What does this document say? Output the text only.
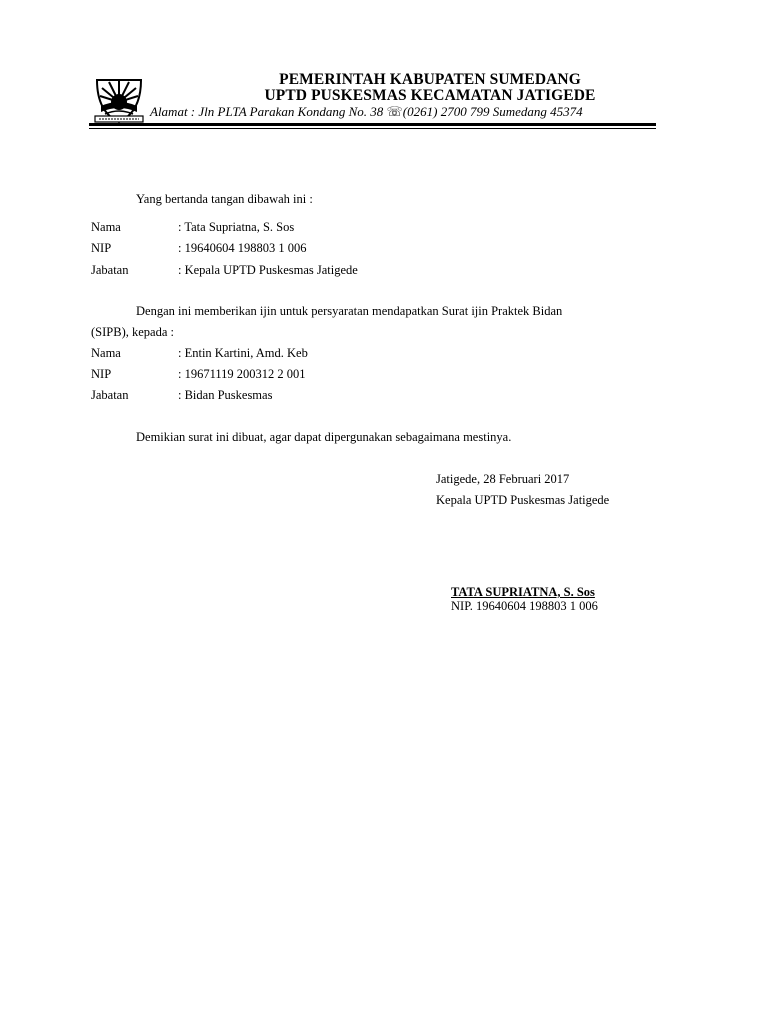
PEMERINTAH KABUPATEN SUMEDANG
UPTD PUSKESMAS KECAMATAN JATIGEDE
Alamat : Jln PLTA Parakan Kondang No. 38 ☏(0261) 2700 799 Sumedang 45374
Yang bertanda tangan dibawah ini :
Nama	: Tata Supriatna, S. Sos
NIP	: 19640604 198803 1 006
Jabatan	: Kepala UPTD Puskesmas Jatigede
Dengan ini memberikan ijin untuk persyaratan mendapatkan Surat ijin Praktek Bidan
(SIPB), kepada :
Nama	: Entin Kartini, Amd. Keb
NIP	: 19671119 200312 2 001
Jabatan	: Bidan Puskesmas
Demikian surat ini dibuat, agar dapat dipergunakan sebagaimana mestinya.
Jatigede, 28 Februari 2017
Kepala UPTD Puskesmas Jatigede
TATA SUPRIATNA, S. Sos
NIP. 19640604 198803 1 006
